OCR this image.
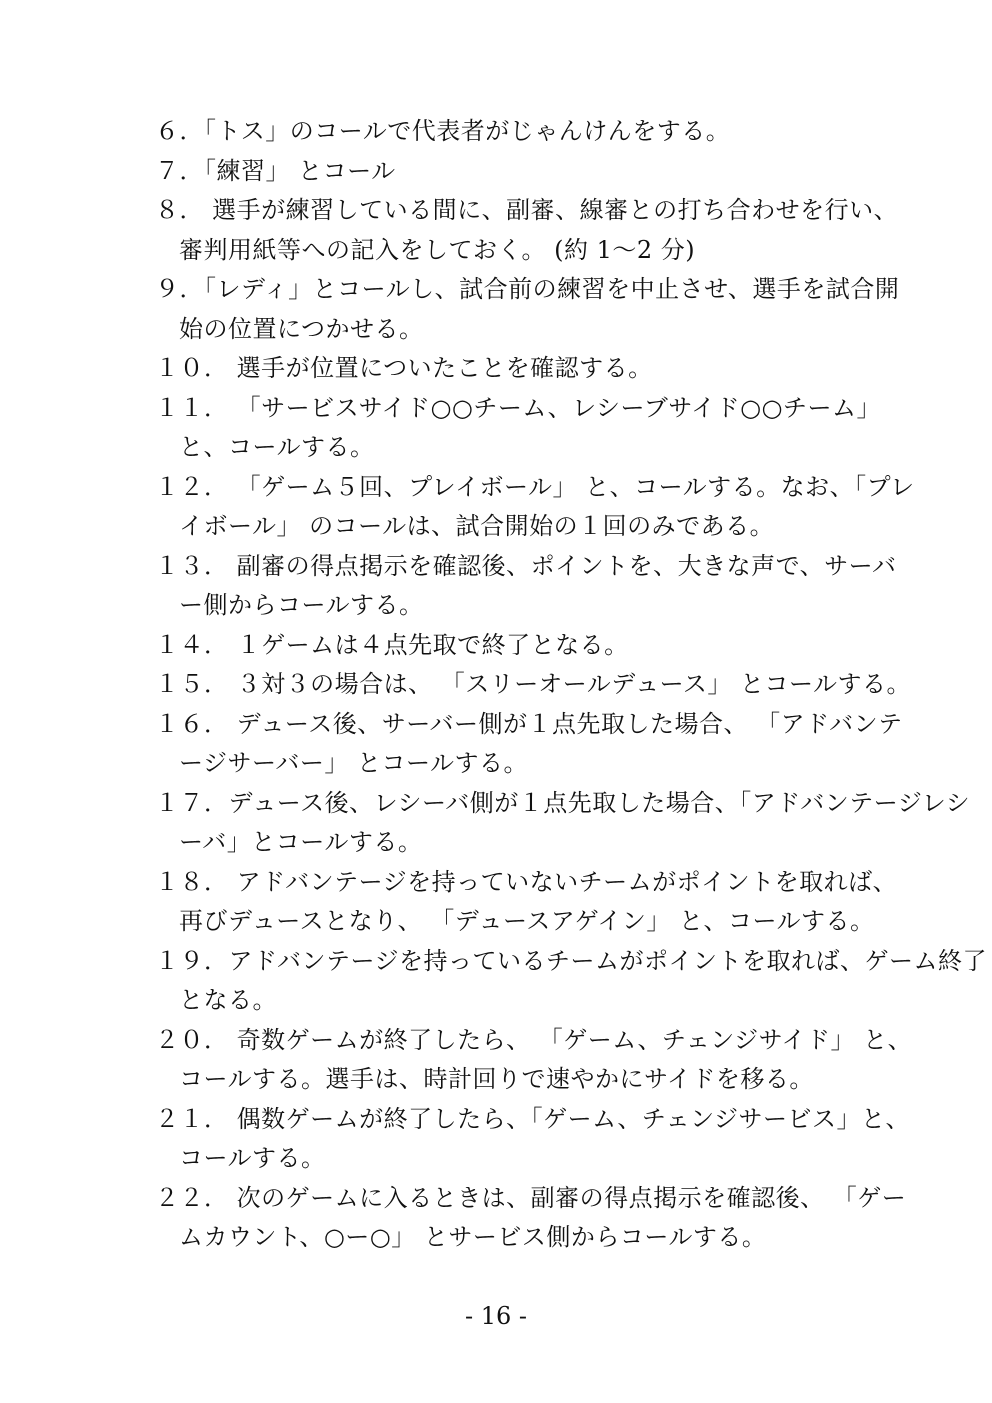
６．「トス」のコールで代表者がじゃんけんをする。
７．「練習」 とコール
８． 選手が練習している間に、副審、線審との打ち合わせを行い、
審判用紙等への記入をしておく。 (約 1～2 分)
９．「レディ」とコールし、試合前の練習を中止させ、選手を試合開
始の位置につかせる。
１０． 選手が位置についたことを確認する。
１１． 「サービスサイド○○チーム、レシーブサイド○○チーム」
と、コールする。
１２． 「ゲーム５回、プレイボール」 と、コールする。なお、「プレ
イボール」 のコールは、試合開始の１回のみである。
１３． 副審の得点掲示を確認後、ポイントを、大きな声で、サーバ
ー側からコールする。
１４． １ゲームは４点先取で終了となる。
１５． ３対３の場合は、 「スリーオールデュース」 とコールする。
１６． デュース後、サーバー側が１点先取した場合、 「アドバンテ
ージサーバー」 とコールする。
１７．デュース後、レシーバ側が１点先取した場合、「アドバンテージレシ
ーバ」とコールする。
１８． アドバンテージを持っていないチームがポイントを取れば、
再びデュースとなり、 「デュースアゲイン」 と、コールする。
１９．アドバンテージを持っているチームがポイントを取れば、ゲーム終了
となる。
２０． 奇数ゲームが終了したら、 「ゲーム、チェンジサイド」 と、
コールする。選手は、時計回りで速やかにサイドを移る。
２１． 偶数ゲームが終了したら、「ゲーム、チェンジサービス」と、
コールする。
２２． 次のゲームに入るときは、副審の得点掲示を確認後、 「ゲー
ムカウント、○ー○」 とサービス側からコールする。
- 16 -
